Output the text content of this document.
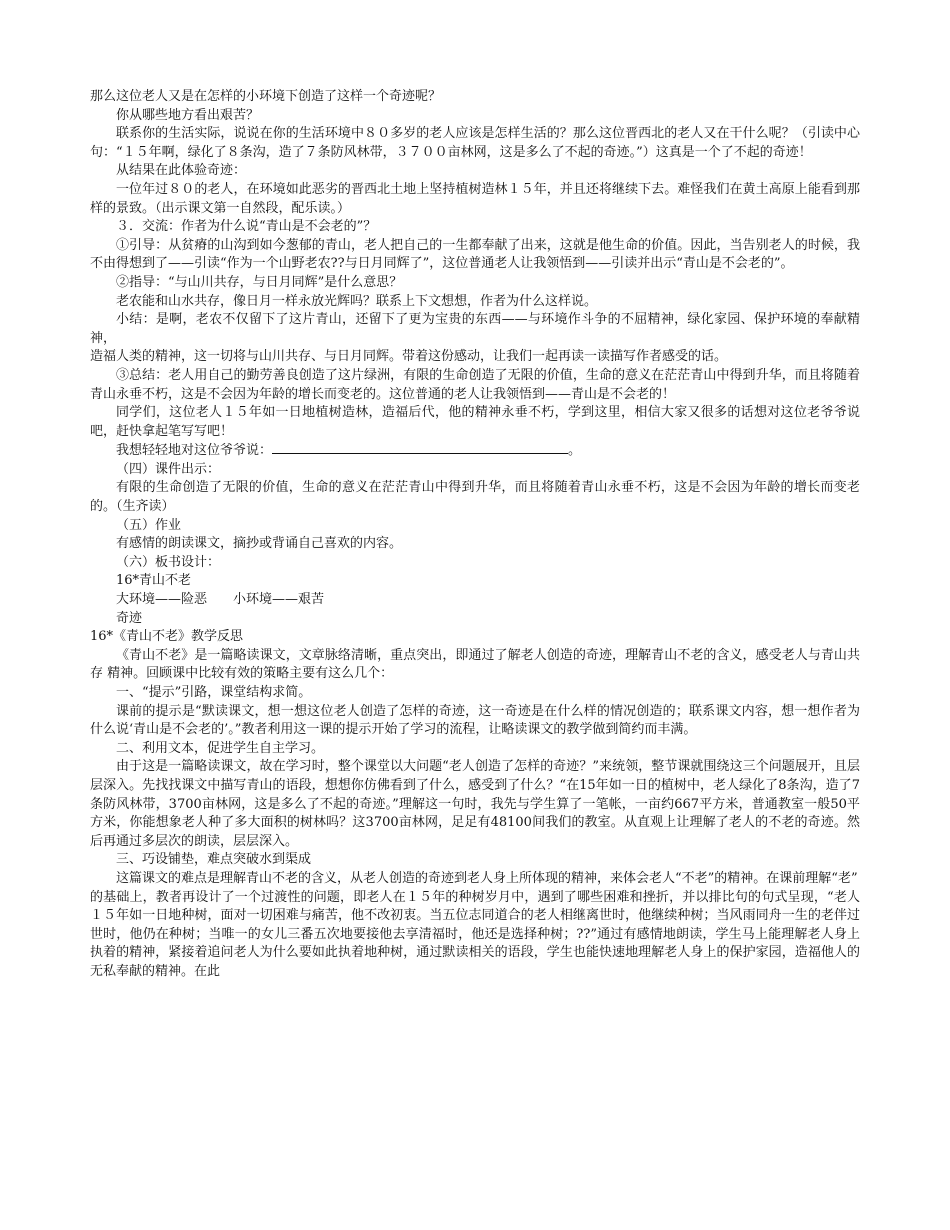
那么这位老人又是在怎样的小环境下创造了这样一个奇迹呢？

你从哪些地方看出艰苦？

联系你的生活实际，说说在你的生活环境中８０多岁的老人应该是怎样生活的？那么这位晋西北的老人又在干什么呢？（引读中心句：“１５年啊，绿化了８条沟，造了７条防风林带，３７００亩林网，这是多么了不起的奇迹。”）这真是一个了不起的奇迹！

从结果在此体验奇迹：

一位年过８０的老人，在环境如此恶劣的晋西北土地上坚持植树造林１５年，并且还将继续下去。难怪我们在黄土高原上能看到那样的景致。（出示课文第一自然段，配乐读。）

３．交流：作者为什么说“青山是不会老的”？

①引导：从贫瘠的山沟到如今葱郁的青山，老人把自己的一生都奉献了出来，这就是他生命的价值。因此，当告别老人的时候，我不由得想到了——引读“作为一个山野老农??与日月同辉了”，这位普通老人让我领悟到——引读并出示“青山是不会老的”。

②指导：“与山川共存，与日月同辉”是什么意思？

老农能和山水共存，像日月一样永放光辉吗？联系上下文想想，作者为什么这样说。

小结：是啊，老农不仅留下了这片青山，还留下了更为宝贵的东西——与环境作斗争的不屈精神，绿化家园、保护环境的奉献精神，

造福人类的精神，这一切将与山川共存、与日月同辉。带着这份感动，让我们一起再读一读描写作者感受的话。

③总结：老人用自己的勤劳善良创造了这片绿洲，有限的生命创造了无限的价值，生命的意义在茫茫青山中得到升华，而且将随着青山永垂不朽，这是不会因为年龄的增长而变老的。这位普通的老人让我领悟到——青山是不会老的！

同学们，这位老人１５年如一日地植树造林，造福后代，他的精神永垂不朽，学到这里，相信大家又很多的话想对这位老爷爷说吧，赶快拿起笔写写吧！

我想轻轻地对这位爷爷说：	。

（四）课件出示：

有限的生命创造了无限的价值，生命的意义在茫茫青山中得到升华，而且将随着青山永垂不朽，这是不会因为年龄的增长而变老的。（生齐读）

（五）作业

有感情的朗读课文，摘抄或背诵自己喜欢的内容。

（六）板书设计：

16*青山不老

大环境——险恶　　小环境——艰苦

奇迹

16*《青山不老》教学反思

《青山不老》是一篇略读课文，文章脉络清晰，重点突出，即通过了解老人创造的奇迹，理解青山不老的含义，感受老人与青山共存 精神。回顾课中比较有效的策略主要有这么几个：

一、“提示”引路，课堂结构求简。

课前的提示是“默读课文，想一想这位老人创造了怎样的奇迹，这一奇迹是在什么样的情况创造的；联系课文内容，想一想作者为什么说‘青山是不会老的’。”教者利用这一课的提示开始了学习的流程，让略读课文的教学做到简约而丰满。

二、利用文本，促进学生自主学习。

由于这是一篇略读课文，故在学习时，整个课堂以大问题“老人创造了怎样的奇迹？”来统领，整节课就围绕这三个问题展开，且层层深入。先找找课文中描写青山的语段，想想你仿佛看到了什么，感受到了什么？“在15年如一日的植树中，老人绿化了8条沟，造了7条防风林带，3700亩林网，这是多么了不起的奇迹。”理解这一句时，我先与学生算了一笔帐，一亩约667平方米，普通教室一般50平方米，你能想象老人种了多大面积的树林吗？这3700亩林网，足足有48100间我们的教室。从直观上让理解了老人的不老的奇迹。然后再通过多层次的朗读，层层深入。

三、巧设铺垫，难点突破水到渠成

这篇课文的难点是理解青山不老的含义，从老人创造的奇迹到老人身上所体现的精神，来体会老人“不老”的精神。在课前理解“老”

的基础上，教者再设计了一个过渡性的问题，即老人在１５年的种树岁月中，遇到了哪些困难和挫折，并以排比句的句式呈现，“老人１５年如一日地种树，面对一切困难与痛苦，他不改初衷。当五位志同道合的老人相继离世时，他继续种树；当风雨同舟一生的老伴过世时，他仍在种树；当唯一的女儿三番五次地要接他去享清福时，他还是选择种树；??”通过有感情地朗读，学生马上能理解老人身上执着的精神，紧接着追问老人为什么要如此执着地种树，通过默读相关的语段，学生也能快速地理解老人身上的保护家园，造福他人的无私奉献的精神。在此
